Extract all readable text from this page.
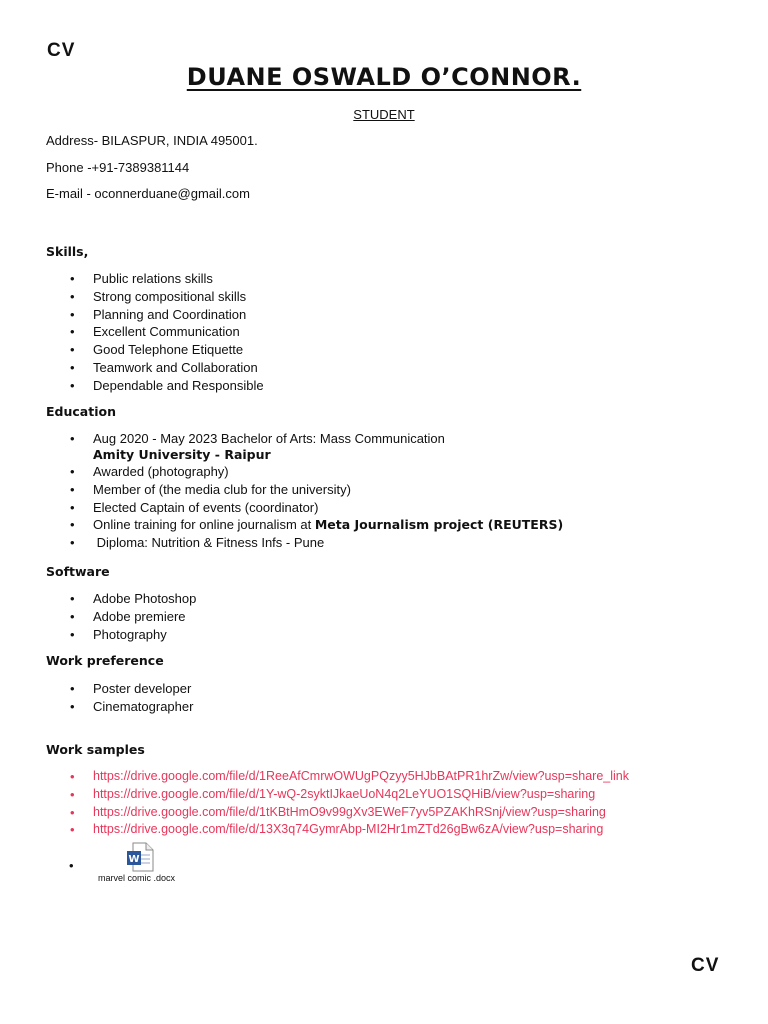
CV
DUANE OSWALD O’CONNOR.
STUDENT
Address- BILASPUR, INDIA 495001.
Phone -+91-7389381144
E-mail - oconnerduane@gmail.com
Skills,
• Public relations skills
• Strong compositional skills
• Planning and Coordination
• Excellent Communication
• Good Telephone Etiquette
• Teamwork and Collaboration
• Dependable and Responsible
Education
• Aug 2020 - May 2023 Bachelor of Arts: Mass Communication
Amity University - Raipur
• Awarded (photography)
• Member of (the media club for the university)
• Elected Captain of events (coordinator)
• Online training for online journalism at Meta Journalism project (REUTERS)
•  Diploma: Nutrition & Fitness Infs - Pune
Software
• Adobe Photoshop
• Adobe premiere
• Photography
Work preference
• Poster developer
• Cinematographer
Work samples
• https://drive.google.com/file/d/1ReeAfCmrwOWUgPQzyy5HJbBAtPR1hrZw/view?usp=share_link
• https://drive.google.com/file/d/1Y-wQ-2syktIJkaeUoN4q2LeYUO1SQHiB/view?usp=sharing
• https://drive.google.com/file/d/1tKBtHmO9v99gXv3EWeF7yv5PZAKhRSnj/view?usp=sharing
• https://drive.google.com/file/d/13X3q74GymrAbp-MI2Hr1mZTd26gBw6zA/view?usp=sharing
W
marvel comic .docx
•
CV
